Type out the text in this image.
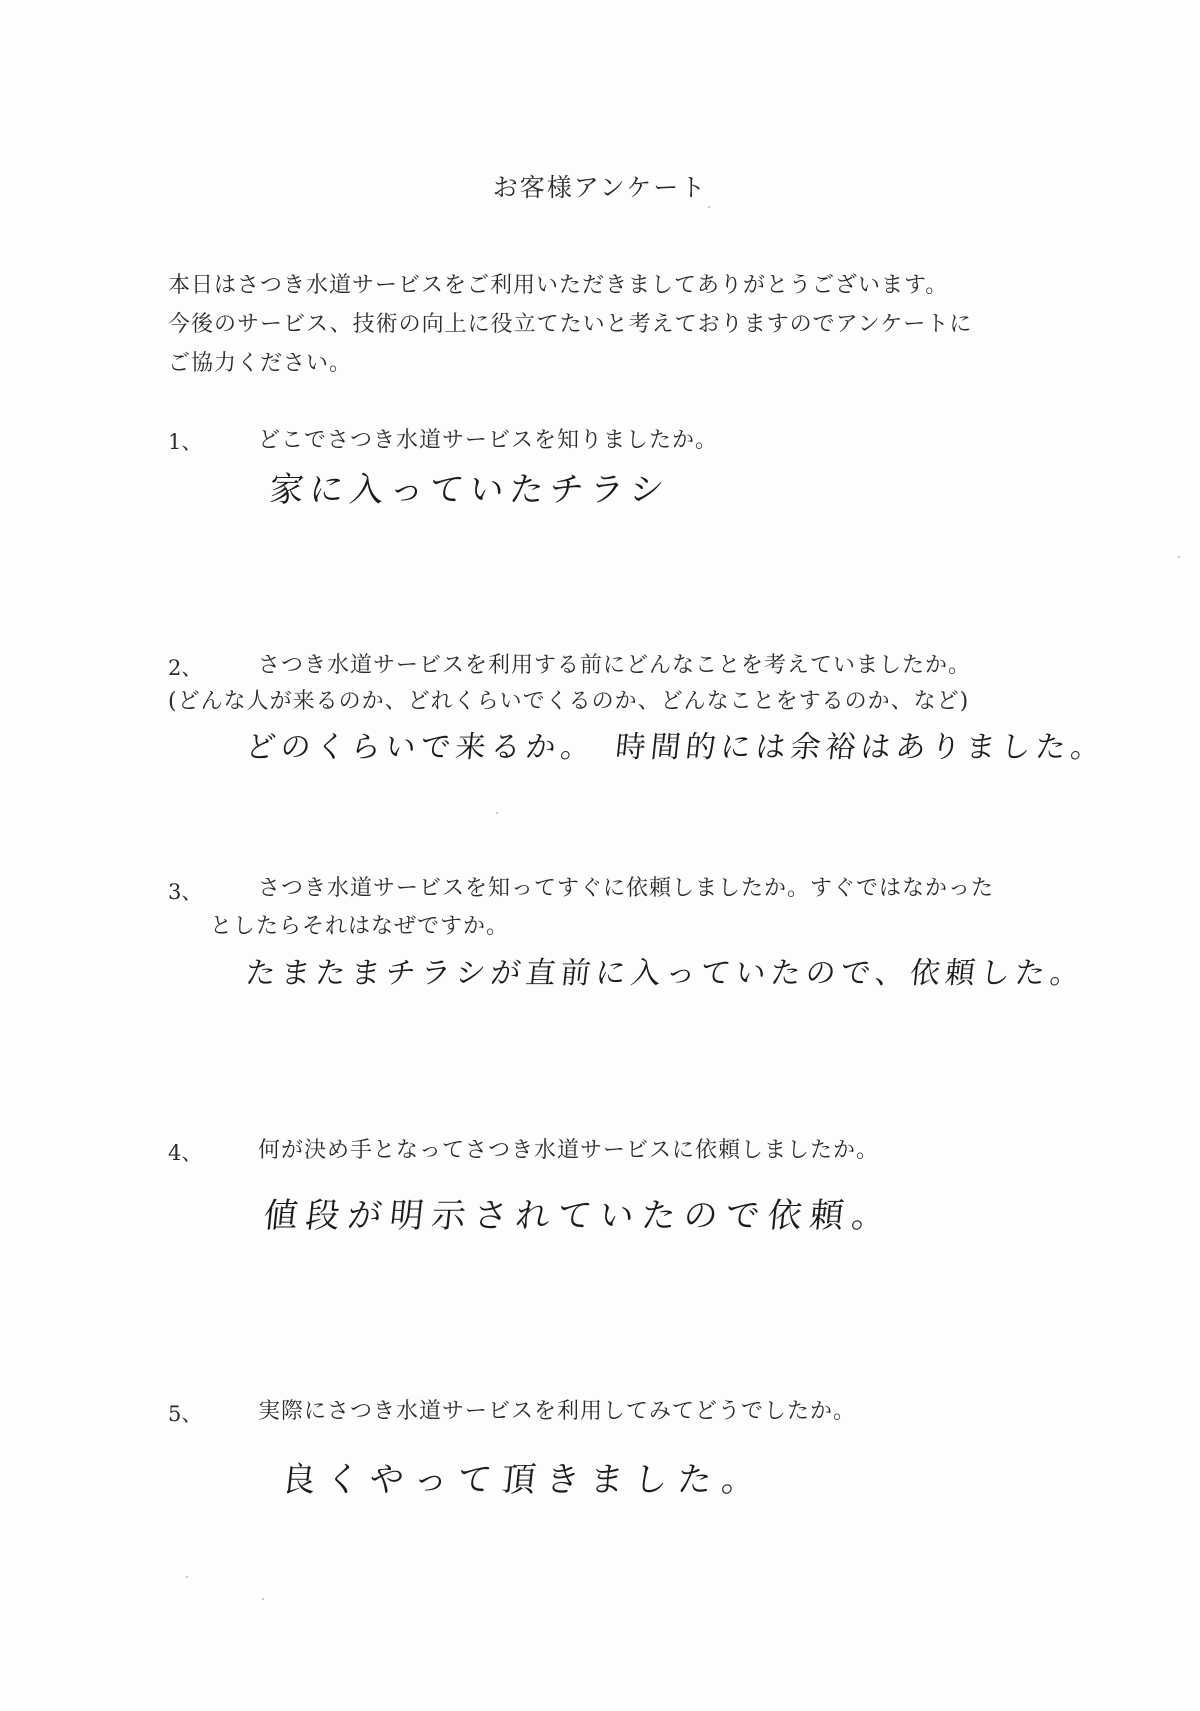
お客様アンケート
本日はさつき水道サービスをご利用いただきましてありがとうございます。
今後のサービス、技術の向上に役立てたいと考えておりますのでアンケートに
ご協力ください。
1、	どこでさつき水道サービスを知りましたか。
家に入っていたチラシ
2、	さつき水道サービスを利用する前にどんなことを考えていましたか。
(どんな人が来るのか、どれくらいでくるのか、どんなことをするのか、など)
どのくらいで来るか。　時間的には余裕はありました。
3、	さつき水道サービスを知ってすぐに依頼しましたか。すぐではなかった
としたらそれはなぜですか。
たまたまチラシが直前に入っていたので、依頼した。
4、	何が決め手となってさつき水道サービスに依頼しましたか。
値段が明示されていたので依頼。
5、	実際にさつき水道サービスを利用してみてどうでしたか。
良くやって頂きました。
